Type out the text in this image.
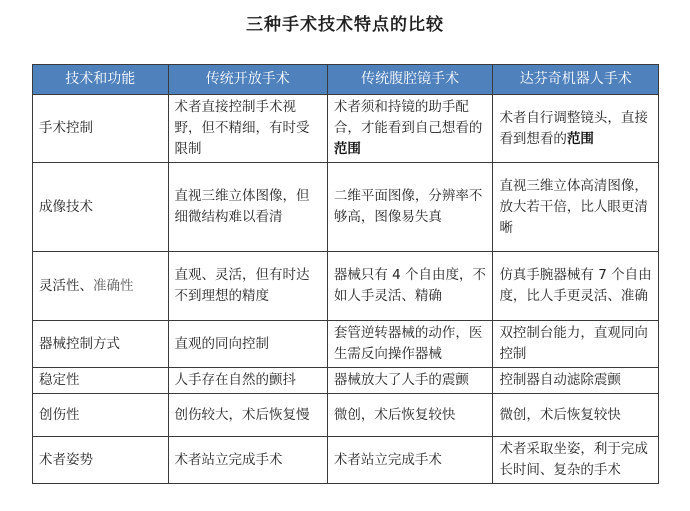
三种手术技术特点的比较
技术和功能	传统开放手术	传统腹腔镜手术	达芬奇机器人手术
手术控制	术者直接控制手术视野，但不精细，有时受限制	术者须和持镜的助手配合，才能看到自己想看的范围	术者自行调整镜头，直接看到想看的范围
成像技术	直视三维立体图像，但细微结构难以看清	二维平面图像，分辨率不够高，图像易失真	直视三维立体高清图像，放大若干倍，比人眼更清晰
灵活性、准确性	直观、灵活，但有时达不到理想的精度	器械只有 4 个自由度，不如人手灵活、精确	仿真手腕器械有 7 个自由度，比人手更灵活、准确
器械控制方式	直观的同向控制	套管逆转器械的动作，医生需反向操作器械	双控制台能力，直观同向控制
稳定性	人手存在自然的颤抖	器械放大了人手的震颤	控制器自动滤除震颤
创伤性	创伤较大，术后恢复慢	微创，术后恢复较快	微创，术后恢复较快
术者姿势	术者站立完成手术	术者站立完成手术	术者采取坐姿，利于完成长时间、复杂的手术
